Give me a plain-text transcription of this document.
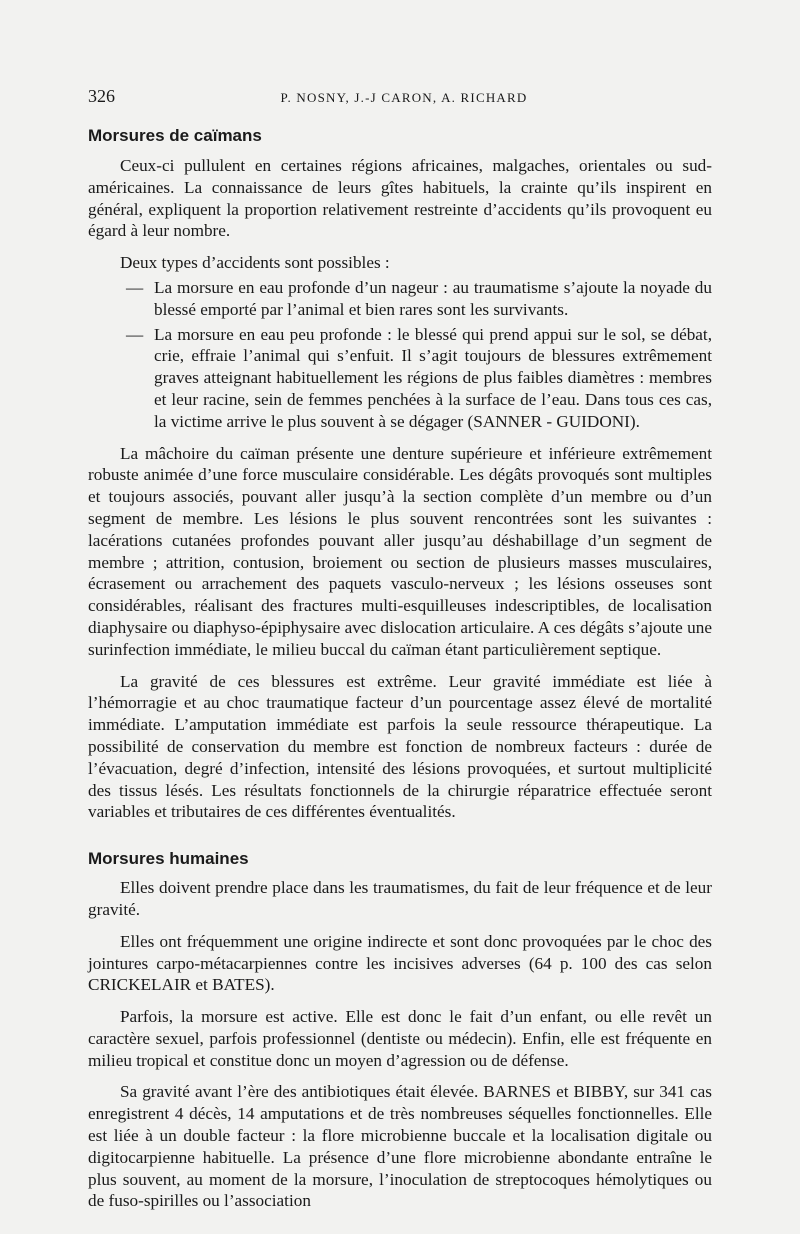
326	P. NOSNY, J.-J CARON, A. RICHARD
Morsures de caïmans

Ceux-ci pullulent en certaines régions africaines, malgaches, orientales ou sud-américaines. La connaissance de leurs gîtes habituels, la crainte qu’ils inspirent en général, expliquent la proportion relativement restreinte d’accidents qu’ils provoquent eu égard à leur nombre.

Deux types d’accidents sont possibles :

— La morsure en eau profonde d’un nageur : au traumatisme s’ajoute la noyade du blessé emporté par l’animal et bien rares sont les survivants.

— La morsure en eau peu profonde : le blessé qui prend appui sur le sol, se débat, crie, effraie l’animal qui s’enfuit. Il s’agit toujours de blessures extrêmement graves atteignant habituellement les régions de plus faibles diamètres : membres et leur racine, sein de femmes penchées à la surface de l’eau. Dans tous ces cas, la victime arrive le plus souvent à se dégager (SANNER - GUIDONI).

La mâchoire du caïman présente une denture supérieure et inférieure extrêmement robuste animée d’une force musculaire considérable. Les dégâts provoqués sont multiples et toujours associés, pouvant aller jusqu’à la section complète d’un membre ou d’un segment de membre. Les lésions le plus souvent rencontrées sont les suivantes : lacérations cutanées profondes pouvant aller jusqu’au déshabillage d’un segment de membre ; attrition, contusion, broiement ou section de plusieurs masses musculaires, écrasement ou arrachement des paquets vasculo-nerveux ; les lésions osseuses sont considérables, réalisant des fractures multi-esquilleuses indescriptibles, de localisation diaphysaire ou diaphyso-épiphysaire avec dislocation articulaire. A ces dégâts s’ajoute une surinfection immédiate, le milieu buccal du caïman étant particulièrement septique.

La gravité de ces blessures est extrême. Leur gravité immédiate est liée à l’hémorragie et au choc traumatique facteur d’un pourcentage assez élevé de mortalité immédiate. L’amputation immédiate est parfois la seule ressource thérapeutique. La possibilité de conservation du membre est fonction de nombreux facteurs : durée de l’évacuation, degré d’infection, intensité des lésions provoquées, et surtout multiplicité des tissus lésés. Les résultats fonctionnels de la chirurgie réparatrice effectuée seront variables et tributaires de ces différentes éventualités.

Morsures humaines

Elles doivent prendre place dans les traumatismes, du fait de leur fréquence et de leur gravité.

Elles ont fréquemment une origine indirecte et sont donc provoquées par le choc des jointures carpo-métacarpiennes contre les incisives adverses (64 p. 100 des cas selon CRICKELAIR et BATES).

Parfois, la morsure est active. Elle est donc le fait d’un enfant, ou elle revêt un caractère sexuel, parfois professionnel (dentiste ou médecin). Enfin, elle est fréquente en milieu tropical et constitue donc un moyen d’agression ou de défense.

Sa gravité avant l’ère des antibiotiques était élevée. BARNES et BIBBY, sur 341 cas enregistrent 4 décès, 14 amputations et de très nombreuses séquelles fonctionnelles. Elle est liée à un double facteur : la flore microbienne buccale et la localisation digitale ou digitocarpienne habituelle. La présence d’une flore microbienne abondante entraîne le plus souvent, au moment de la morsure, l’inoculation de streptocoques hémolytiques ou de fuso-spirilles ou l’association
